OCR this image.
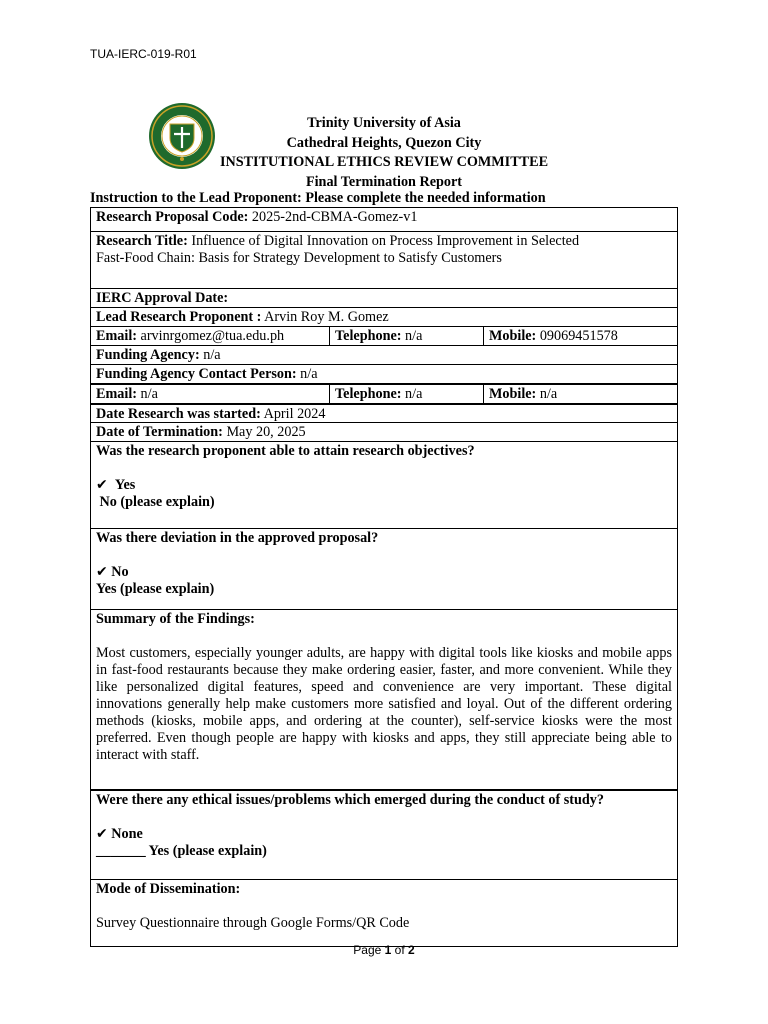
TUA-IERC-019-R01
Trinity University of Asia
Cathedral Heights, Quezon City
INSTITUTIONAL ETHICS REVIEW COMMITTEE
Final Termination Report
Instruction to the Lead Proponent: Please complete the needed information
Research Proposal Code: 2025-2nd-CBMA-Gomez-v1
Research Title: Influence of Digital Innovation on Process Improvement in Selected
Fast-Food Chain: Basis for Strategy Development to Satisfy Customers
IERC Approval Date:
Lead Research Proponent : Arvin Roy M. Gomez
Email: arvinrgomez@tua.edu.ph	Telephone: n/a	Mobile: 09069451578
Funding Agency: n/a
Funding Agency Contact Person: n/a
Email: n/a	Telephone: n/a	Mobile: n/a
Date Research was started: April 2024
Date of Termination: May 20, 2025
Was the research proponent able to attain research objectives?
✔ Yes
No (please explain)
Was there deviation in the approved proposal?
✔ No
Yes (please explain)
Summary of the Findings:
Most customers, especially younger adults, are happy with digital tools like kiosks and mobile apps in fast-food restaurants because they make ordering easier, faster, and more convenient. While they like personalized digital features, speed and convenience are very important. These digital innovations generally help make customers more satisfied and loyal. Out of the different ordering methods (kiosks, mobile apps, and ordering at the counter), self-service kiosks were the most preferred. Even though people are happy with kiosks and apps, they still appreciate being able to interact with staff.
Were there any ethical issues/problems which emerged during the conduct of study?
✔ None
_______ Yes (please explain)
Mode of Dissemination:
Survey Questionnaire through Google Forms/QR Code
Page 1 of 2
